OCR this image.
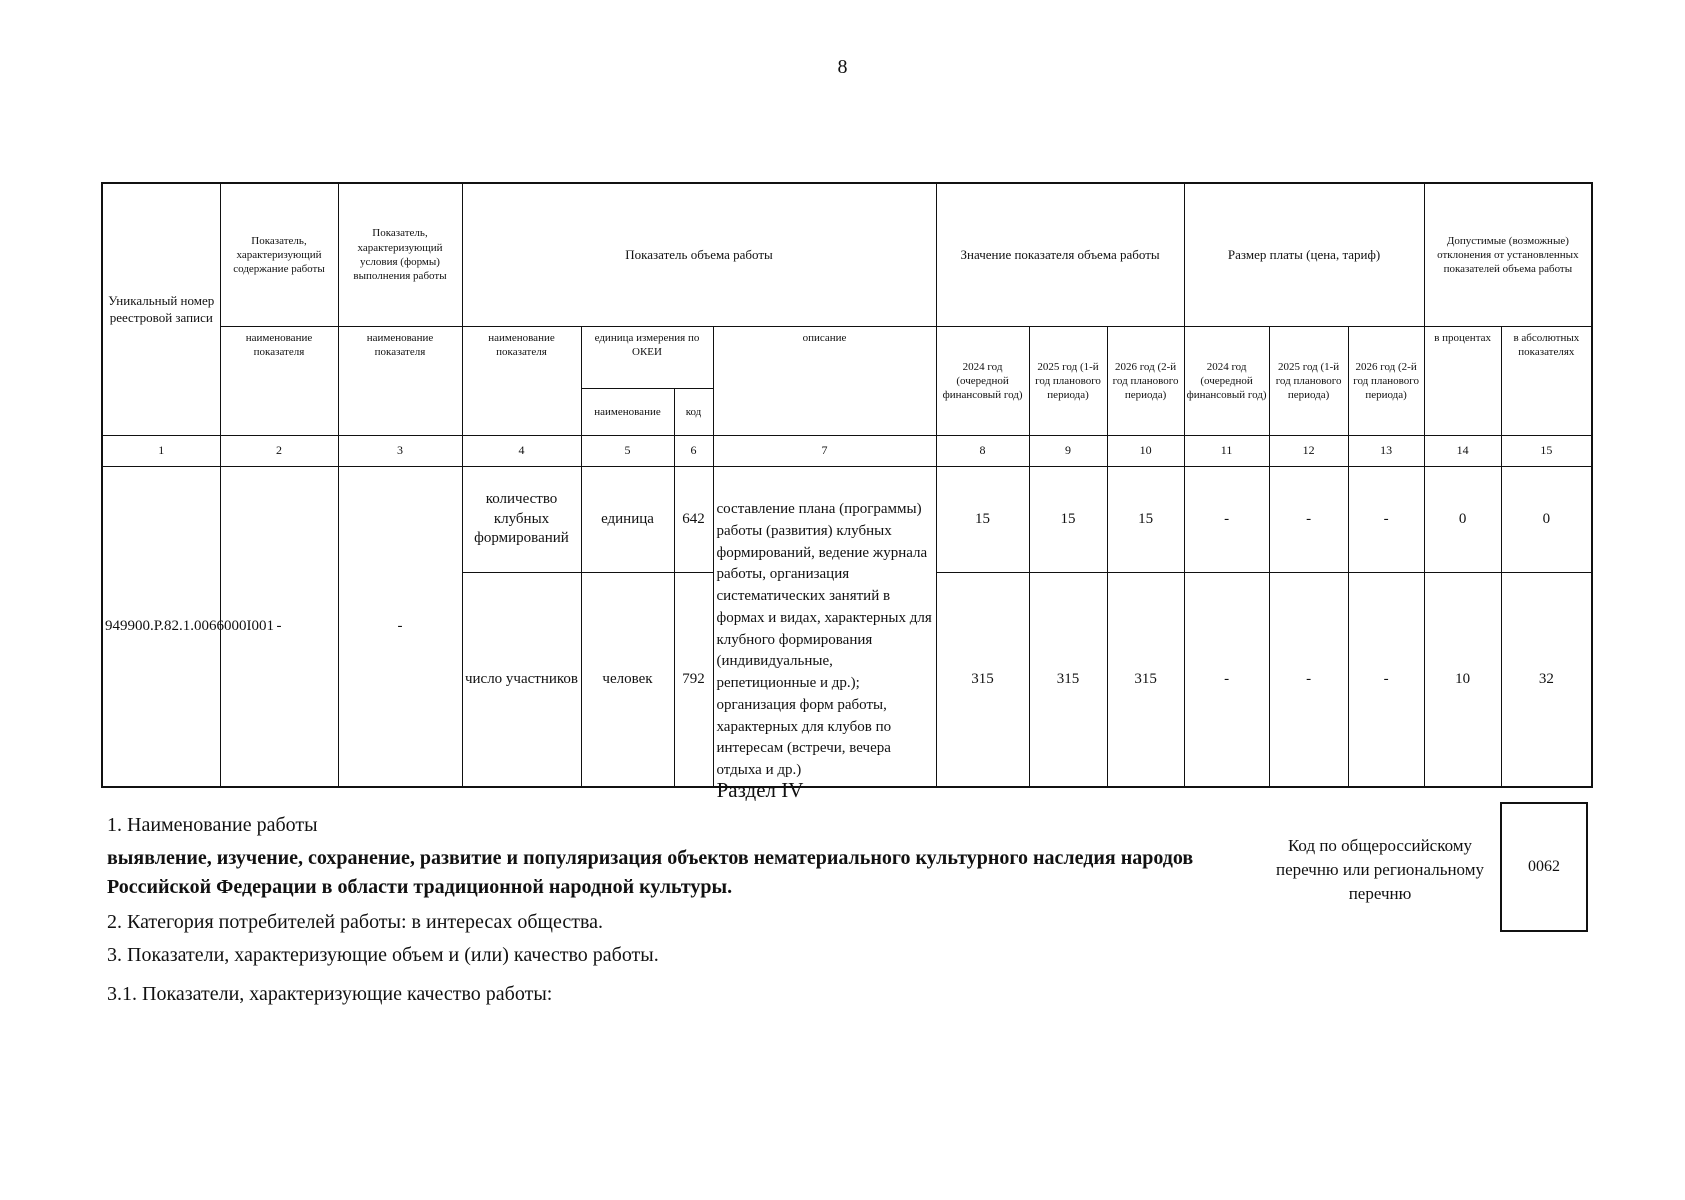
8
Уникальный номер реестровой записи	Показатель, характеризующий содержание работы	Показатель, характеризующий условия (формы) выполнения работы	Показатель объема работы				Значение показателя объема работы			Размер платы (цена, тариф)			Допустимые (возможные) отклонения от установленных показателей объема работы	
	наименование показателя	наименование показателя	наименование показателя	единица измерения по ОКЕИ		описание	2024 год (очередной финансовый год)	2025 год (1-й год планового периода)	2026 год (2-й год планового периода)	2024 год (очередной финансовый год)	2025 год (1-й год планового периода)	2026 год (2-й год планового периода)	в процентах	в абсолютных показателях
				наименование	код									
1	2	3	4	5	6	7	8	9	10	11	12	13	14	15
949900.Р.82.1.0066000I001	-	-	количество клубных формирований	единица	642	составление плана (программы) работы (развития) клубных формирований, ведение журнала работы, организация систематических занятий в формах и видах, характерных для клубного формирования (индивидуальные, репетиционные и др.); организация форм работы, характерных для клубов по интересам (встречи, вечера отдыха и др.)	15	15	15	-	-	-	0	0
			число участников	человек	792		315	315	315	-	-	-	10	32
Раздел IV
1. Наименование работы
выявление, изучение, сохранение, развитие и популяризация объектов нематериального культурного наследия народов Российской Федерации в области традиционной народной культуры.
Код по общероссийскому перечню или региональному перечню
0062
2. Категория потребителей работы: в интересах общества.
3. Показатели, характеризующие объем и (или) качество работы.
3.1. Показатели, характеризующие качество работы:
